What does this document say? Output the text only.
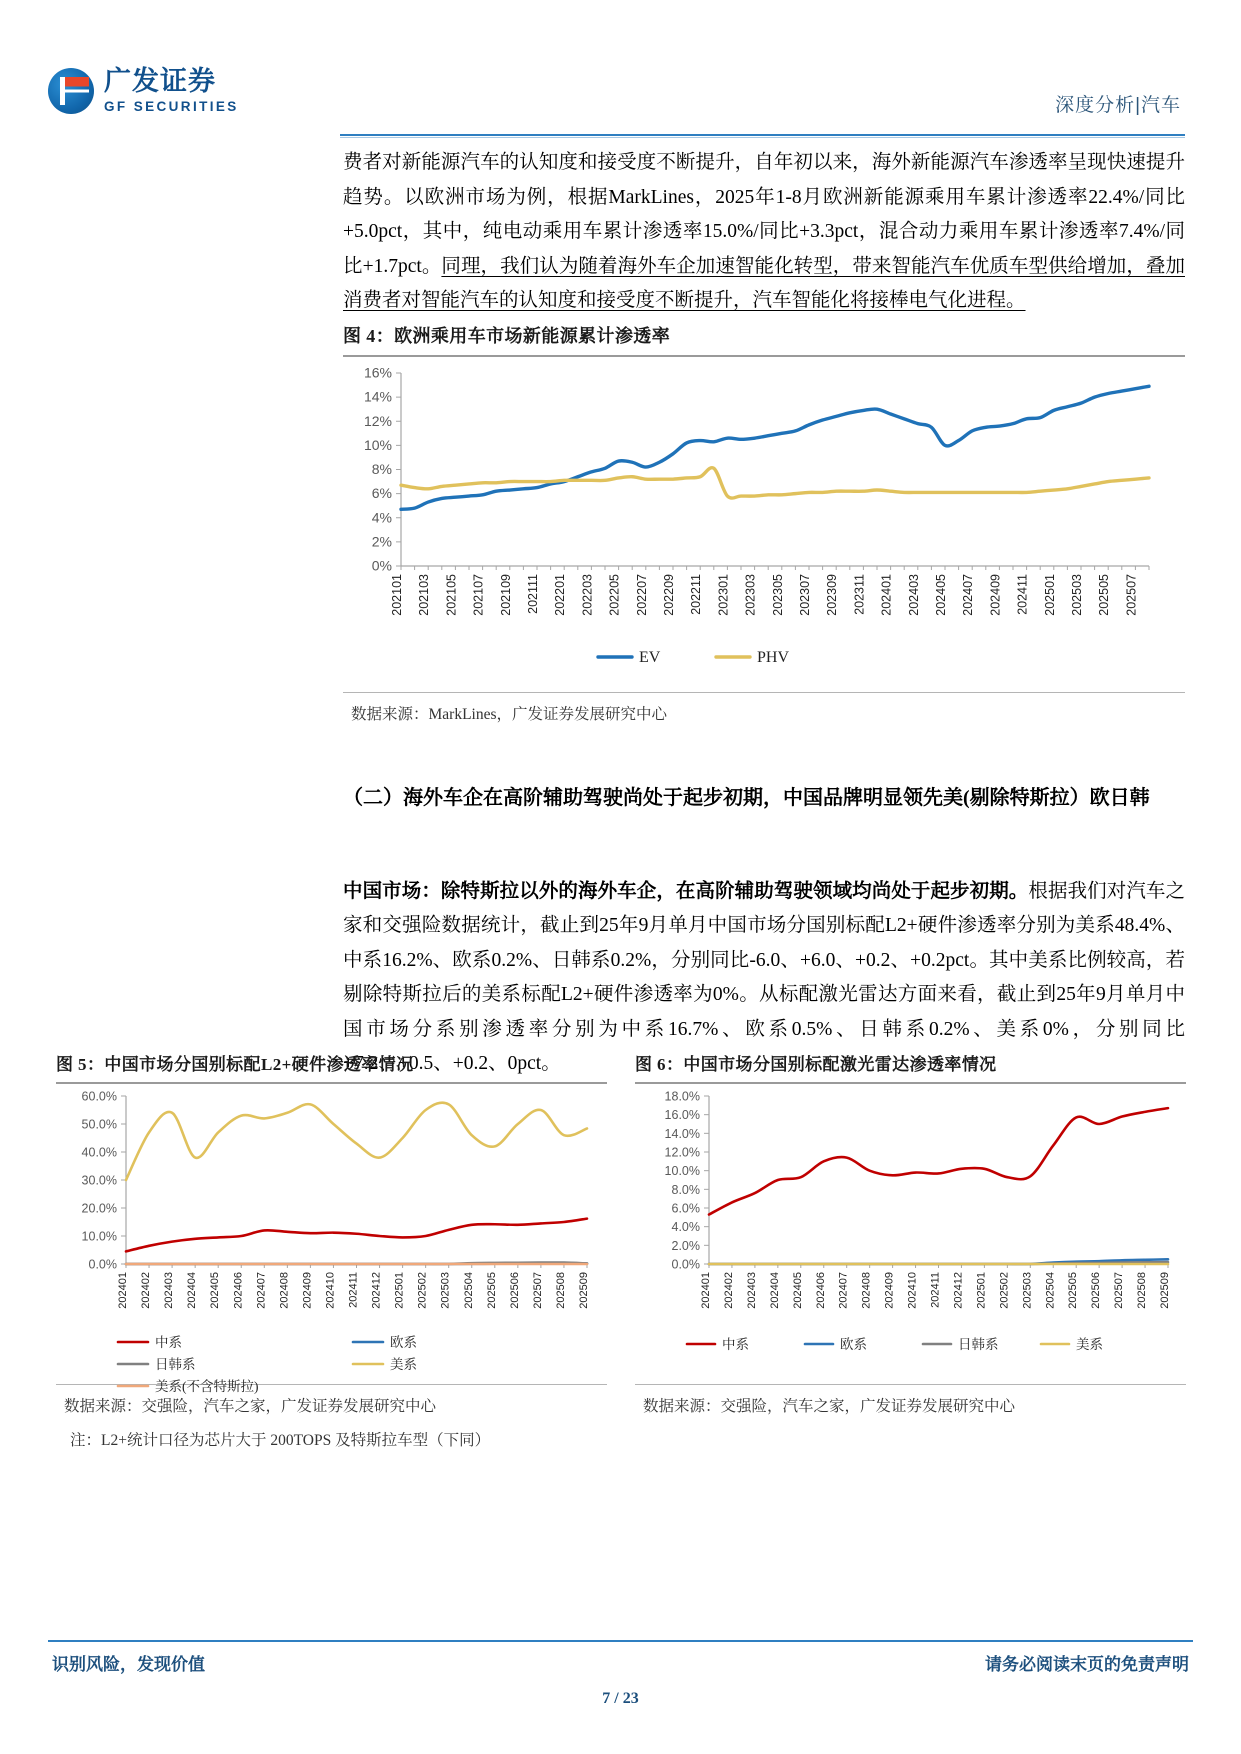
广发证券
GF SECURITIES	深度分析|汽车

费者对新能源汽车的认知度和接受度不断提升，自年初以来，海外新能源汽车渗透率呈现快速提升趋势。以欧洲市场为例，根据MarkLines，2025年1-8月欧洲新能源乘用车累计渗透率22.4%/同比+5.0pct，其中，纯电动乘用车累计渗透率15.0%/同比+3.3pct，混合动力乘用车累计渗透率7.4%/同比+1.7pct。同理，我们认为随着海外车企加速智能化转型，带来智能汽车优质车型供给增加，叠加消费者对智能汽车的认知度和接受度不断提升，汽车智能化将接棒电气化进程。

图 4：欧洲乘用车市场新能源累计渗透率
0%
2%
4%
6%
8%
10%
12%
14%
16%
202101 202103 202105 202107 202109 202111 202201 202203 202205 202207 202209 202211 202301 202303 202305 202307 202309 202311 202401 202403 202405 202407 202409 202411 202501 202503 202505 202507
EV	PHV
数据来源：MarkLines，广发证券发展研究中心
（二）海外车企在高阶辅助驾驶尚处于起步初期，中国品牌明显领先美(剔除特斯拉）欧日韩

中国市场：除特斯拉以外的海外车企，在高阶辅助驾驶领域均尚处于起步初期。根据我们对汽车之家和交强险数据统计，截止到25年9月单月中国市场分国别标配L2+硬件渗透率分别为美系48.4%、中系16.2%、欧系0.2%、日韩系0.2%，分别同比-6.0、+6.0、+0.2、+0.2pct。其中美系比例较高，若剔除特斯拉后的美系标配L2+硬件渗透率为0%。从标配激光雷达方面来看，截止到25年9月单月中国市场分系别渗透率分别为中系16.7%、欧系0.5%、日韩系0.2%、美系0%，分别同比+7.2、+0.5、+0.2、0pct。

图 5：中国市场分国别标配L2+硬件渗透率情况
0.0%
10.0%
20.0%
30.0%
40.0%
50.0%
60.0%
202401 202402 202403 202404 202405 202406 202407 202408 202409 202410 202411 202412 202501 202502 202503 202504 202505 202506 202507 202508 202509
中系	欧系
日韩系	美系
美系(不含特斯拉)
数据来源：交强险，汽车之家，广发证券发展研究中心
图 6：中国市场分国别标配激光雷达渗透率情况
0.0%
2.0%
4.0%
6.0%
8.0%
10.0%
12.0%
14.0%
16.0%
18.0%
202401 202402 202403 202404 202405 202406 202407 202408 202409 202410 202411 202412 202501 202502 202503 202504 202505 202506 202507 202508 202509
中系	欧系	日韩系	美系
数据来源：交强险，汽车之家，广发证券发展研究中心
注：L2+统计口径为芯片大于 200TOPS 及特斯拉车型（下同）
识别风险，发现价值	请务必阅读末页的免责声明
7 / 23
